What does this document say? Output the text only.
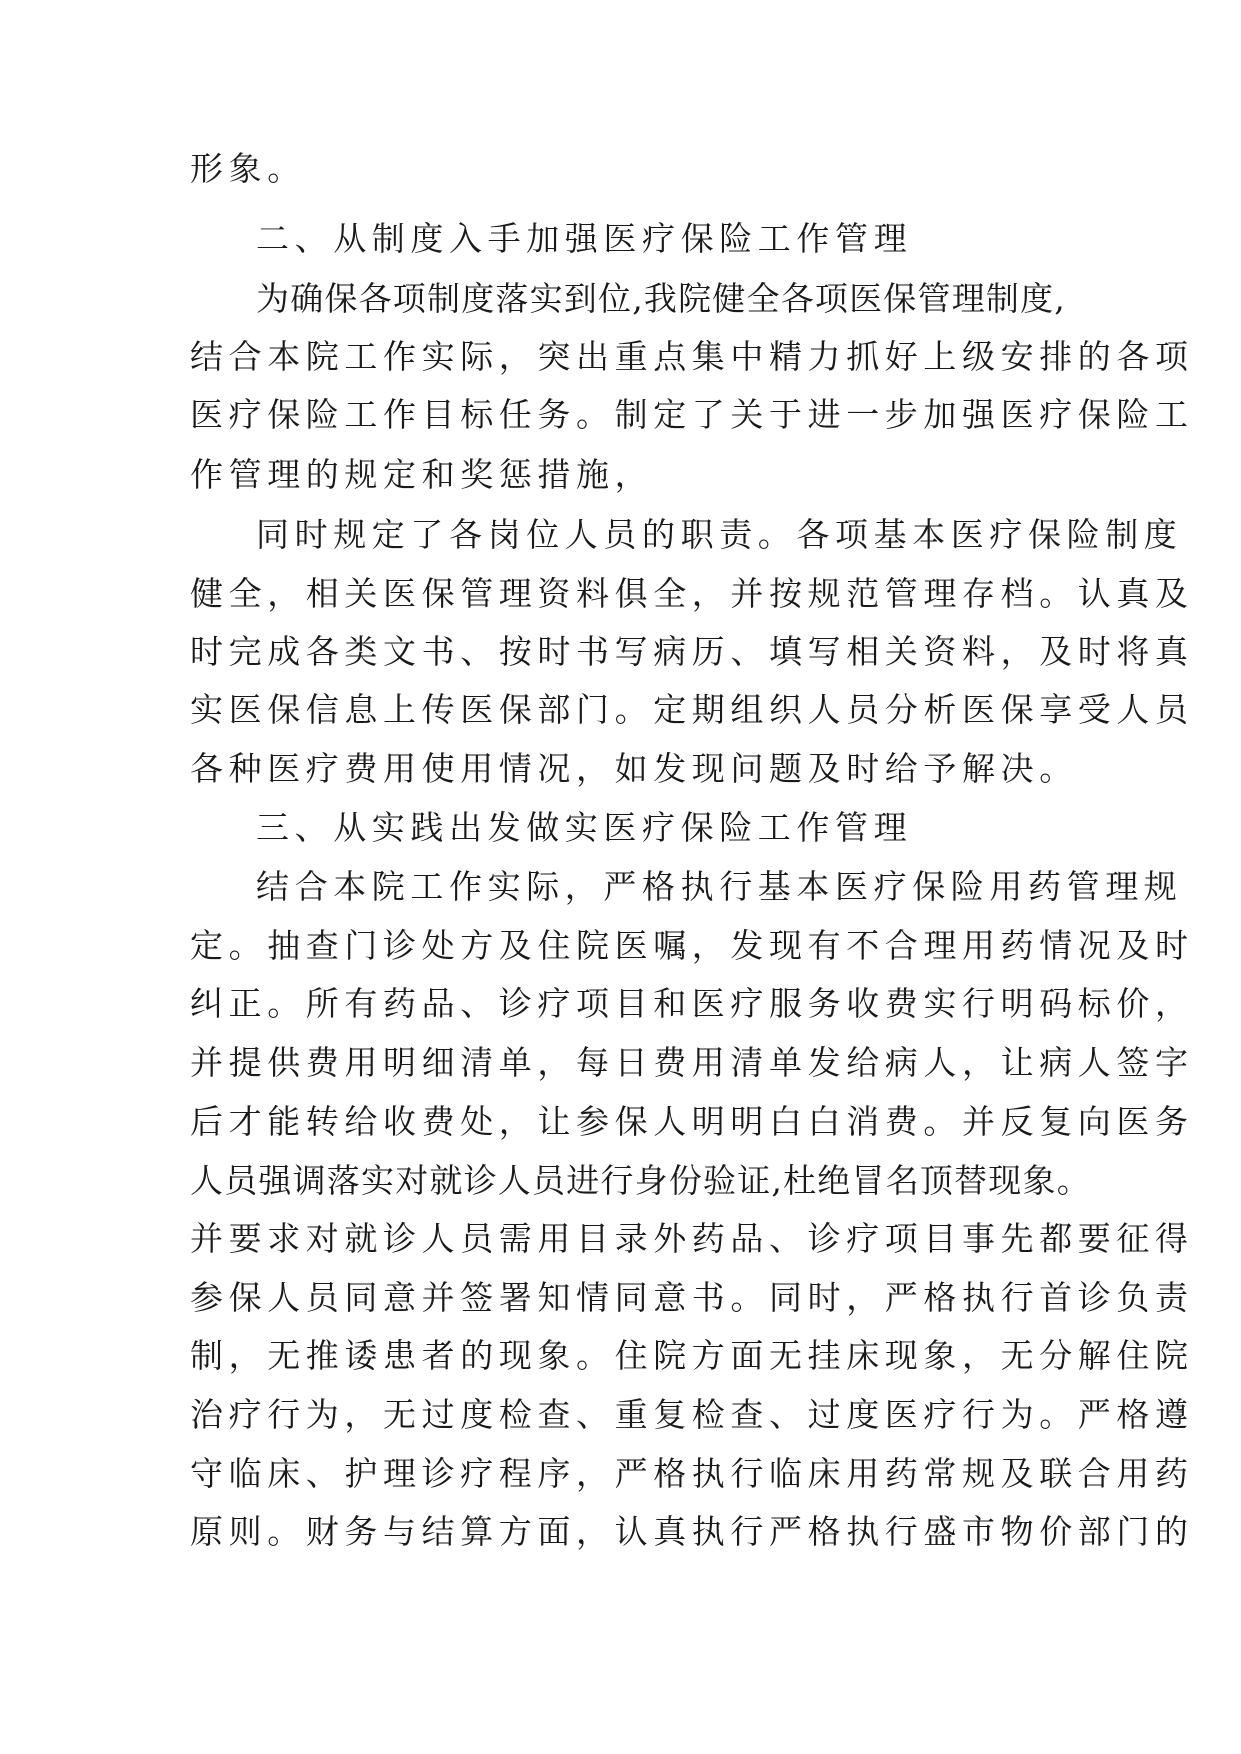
形象。
二、从制度入手加强医疗保险工作管理
为确保各项制度落实到位,我院健全各项医保管理制度,
结合本院工作实际，突出重点集中精力抓好上级安排的各项
医疗保险工作目标任务。制定了关于进一步加强医疗保险工
作管理的规定和奖惩措施，
同时规定了各岗位人员的职责。各项基本医疗保险制度
健全，相关医保管理资料俱全，并按规范管理存档。认真及
时完成各类文书、按时书写病历、填写相关资料，及时将真
实医保信息上传医保部门。定期组织人员分析医保享受人员
各种医疗费用使用情况，如发现问题及时给予解决。
三、从实践出发做实医疗保险工作管理
结合本院工作实际，严格执行基本医疗保险用药管理规
定。抽查门诊处方及住院医嘱，发现有不合理用药情况及时
纠正。所有药品、诊疗项目和医疗服务收费实行明码标价，
并提供费用明细清单，每日费用清单发给病人，让病人签字
后才能转给收费处，让参保人明明白白消费。并反复向医务
人员强调落实对就诊人员进行身份验证,杜绝冒名顶替现象。
并要求对就诊人员需用目录外药品、诊疗项目事先都要征得
参保人员同意并签署知情同意书。同时，严格执行首诊负责
制，无推诿患者的现象。住院方面无挂床现象，无分解住院
治疗行为，无过度检查、重复检查、过度医疗行为。严格遵
守临床、护理诊疗程序，严格执行临床用药常规及联合用药
原则。财务与结算方面，认真执行严格执行盛市物价部门的
